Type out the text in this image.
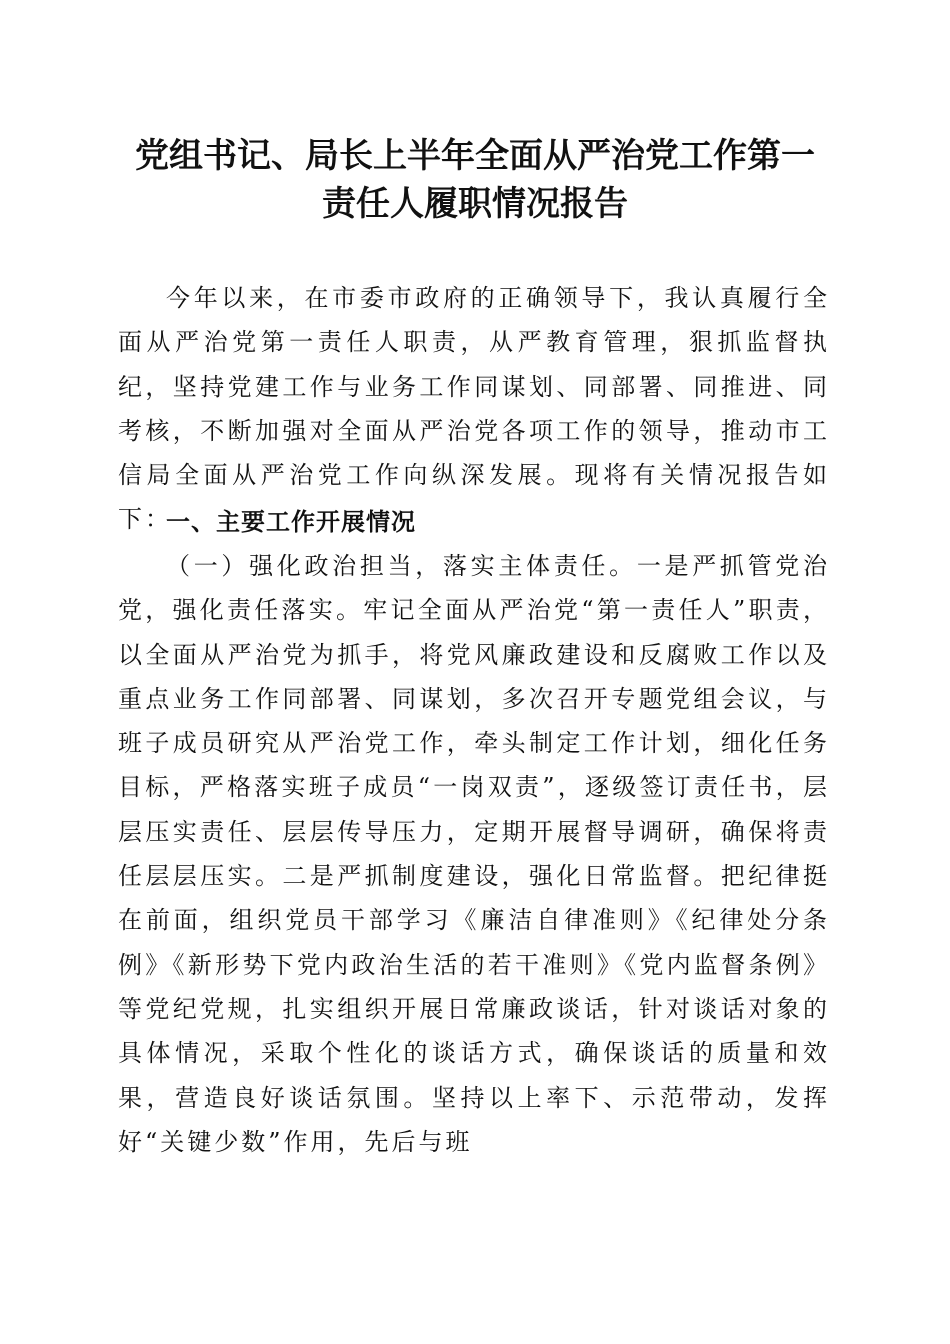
党组书记、局长上半年全面从严治党工作第一
责任人履职情况报告

今年以来，在市委市政府的正确领导下，我认真履行全面从严治党第一责任人职责，从严教育管理，狠抓监督执纪，坚持党建工作与业务工作同谋划、同部署、同推进、同考核，不断加强对全面从严治党各项工作的领导，推动市工信局全面从严治党工作向纵深发展。现将有关情况报告如下：

一、主要工作开展情况

（一）强化政治担当，落实主体责任。一是严抓管党治党，强化责任落实。牢记全面从严治党“第一责任人”职责，以全面从严治党为抓手，将党风廉政建设和反腐败工作以及重点业务工作同部署、同谋划，多次召开专题党组会议，与班子成员研究从严治党工作，牵头制定工作计划，细化任务目标，严格落实班子成员“一岗双责”，逐级签订责任书，层层压实责任、层层传导压力，定期开展督导调研，确保将责任层层压实。二是严抓制度建设，强化日常监督。把纪律挺在前面，组织党员干部学习《廉洁自律准则》《纪律处分条例》《新形势下党内政治生活的若干准则》《党内监督条例》等党纪党规，扎实组织开展日常廉政谈话，针对谈话对象的具体情况，采取个性化的谈话方式，确保谈话的质量和效果，营造良好谈话氛围。坚持以上率下、示范带动，发挥好“关键少数”作用，先后与班
